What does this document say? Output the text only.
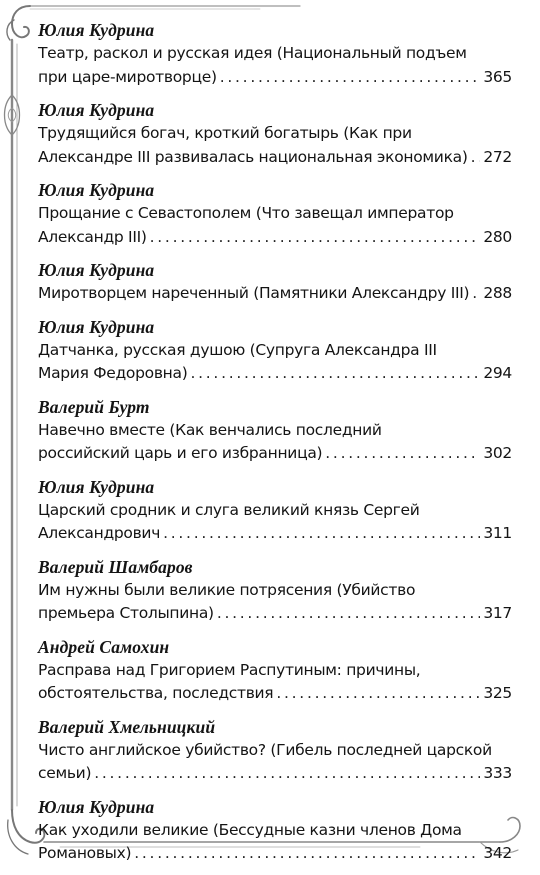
Юлия Кудрина
Театр, раскол и русская идея (Национальный подъем
при царе-миротворце) . . .	365
Юлия Кудрина
Трудящийся богач, кроткий богатырь (Как при
Александре III развивалась национальная экономика) . . . 272
Юлия Кудрина
Прощание с Севастополем (Что завещал император
Александр III) . . .	280
Юлия Кудрина
Миротворцем нареченный (Памятники Александру III) . . . 288
Юлия Кудрина
Датчанка, русская душою (Супруга Александра III
Мария Федоровна) . . .	294
Валерий Бурт
Навечно вместе (Как венчались последний
российский царь и его избранница) . . .	302
Юлия Кудрина
Царский сродник и слуга великий князь Сергей
Александрович . . .	311
Валерий Шамбаров
Им нужны были великие потрясения (Убийство
премьера Столыпина) . . .	317
Андрей Самохин
Расправа над Григорием Распутиным: причины,
обстоятельства, последствия . . .	325
Валерий Хмельницкий
Чисто английское убийство? (Гибель последней царской
семьи) . . .	333
Юлия Кудрина
Как уходили великие (Бессудные казни членов Дома
Романовых) . . .	342
